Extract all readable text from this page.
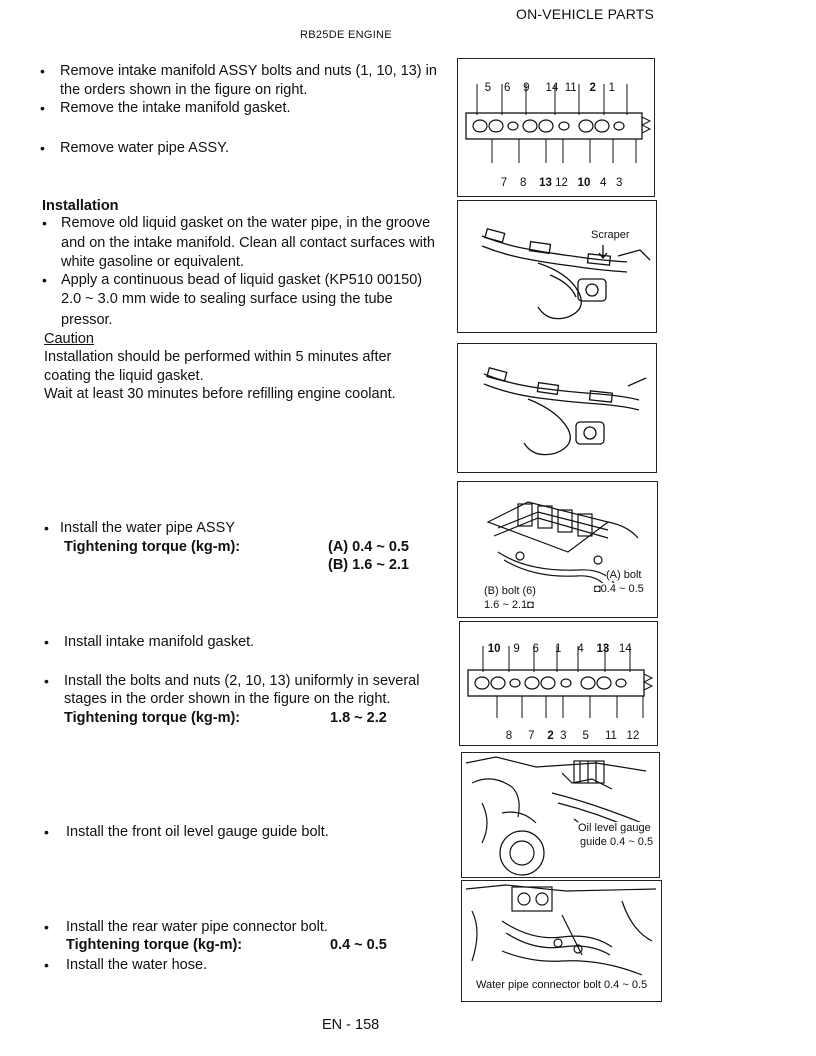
ON-VEHICLE PARTS
RB25DE ENGINE
•	Remove intake manifold ASSY bolts and nuts (1, 10, 13) in
the orders shown in the figure on right.
•	Remove the intake manifold gasket.
•	Remove water pipe ASSY.
Installation
• Remove old liquid gasket on the water pipe, in the groove
and on the intake manifold. Clean all contact surfaces with
white gasoline or equivalent.
• Apply a continuous bead of liquid gasket (KP510 00150)
2.0 ~ 3.0 mm wide to sealing surface using the tube
pressor.
Caution
Installation should be performed within 5 minutes after
coating the liquid gasket.
Wait at least 30 minutes before refilling engine coolant.
• Install the water pipe ASSY
Tightening torque (kg-m):	(A) 0.4 ~ 0.5
(B) 1.6 ~ 2.1
•	Install intake manifold gasket.
•	Install the bolts and nuts (2, 10, 13) uniformly in several
stages in the order shown in the figure on the right.
Tightening torque (kg-m):	1.8 ~ 2.2
•	Install the front oil level gauge guide bolt.
•	Install the rear water pipe connector bolt.
Tightening torque (kg-m):	0.4 ~ 0.5
•	Install the water hose.

5 6 9 14 11 2 1

7 8 13 12 10 4 3

Scraper
(A) bolt
◘0.4 ~ 0.5
(B) bolt (6)
1.6 ~ 2.1◘

10 9 6 1 4 13 14

8 7 2 3 5 11 12

Oil level gauge
guide 0.4 ~ 0.5
Water pipe connector bolt 0.4 ~ 0.5
EN - 158
